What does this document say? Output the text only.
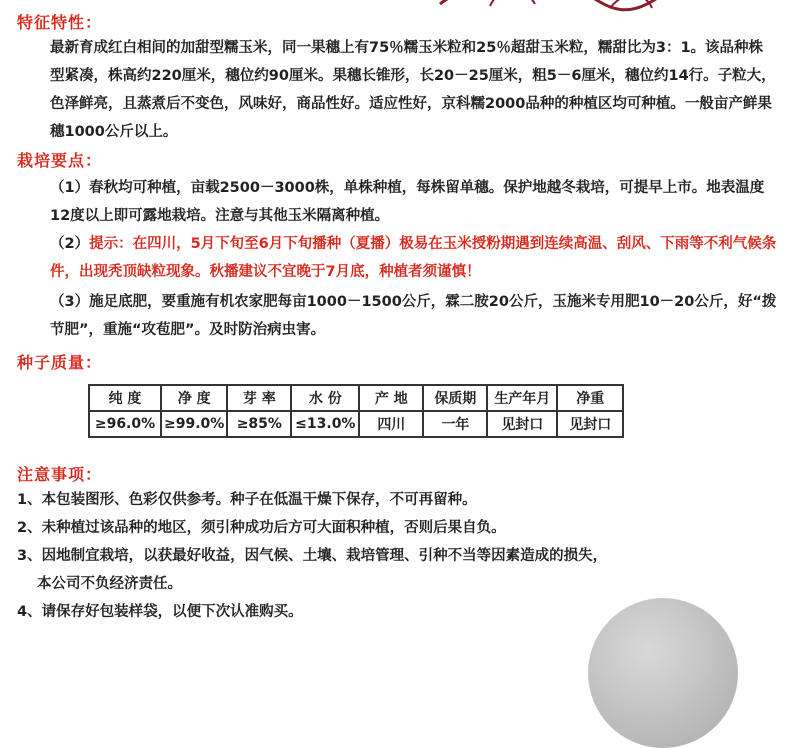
特征特性：
最新育成红白相间的加甜型糯玉米，同一果穗上有75％糯玉米粒和25％超甜玉米粒，糯甜比为3：1。该品种株型紧凑，株高约220厘米，穗位约90厘米。果穗长锥形，长20－25厘米，粗5－6厘米，穗位约14行。子粒大，色泽鲜亮，且蒸煮后不变色，风味好，商品性好。适应性好，京科糯2000品种的种植区均可种植。一般亩产鲜果穗1000公斤以上。
栽培要点：
（1）春秋均可种植，亩载2500－3000株，单株种植，每株留单穗。保护地越冬栽培，可提早上市。地表温度12度以上即可露地栽培。注意与其他玉米隔离种植。
（2）提示：在四川，5月下旬至6月下旬播种（夏播）极易在玉米授粉期遇到连续高温、刮风、下雨等不利气候条件，出现秃顶缺粒现象。秋播建议不宜晚于7月底，种植者须谨慎！
（3）施足底肥，要重施有机农家肥每亩1000－1500公斤，霖二胺20公斤，玉施米专用肥10－20公斤，好“拨节肥”，重施“攻苞肥”。及时防治病虫害。
种子质量：
纯 度	净 度	芽 率	水 份	产 地	保质期	生产年月	净重
≥96.0%	≥99.0%	≥85%	≤13.0%	四川	一年	见封口	见封口
注意事项：
1、本包装图形、色彩仅供参考。种子在低温干燥下保存，不可再留种。
2、未种植过该品种的地区，须引种成功后方可大面积种植，否则后果自负。
3、因地制宜栽培，以获最好收益，因气候、土壤、栽培管理、引种不当等因素造成的损失，
本公司不负经济责任。
4、请保存好包装样袋，以便下次认准购买。
